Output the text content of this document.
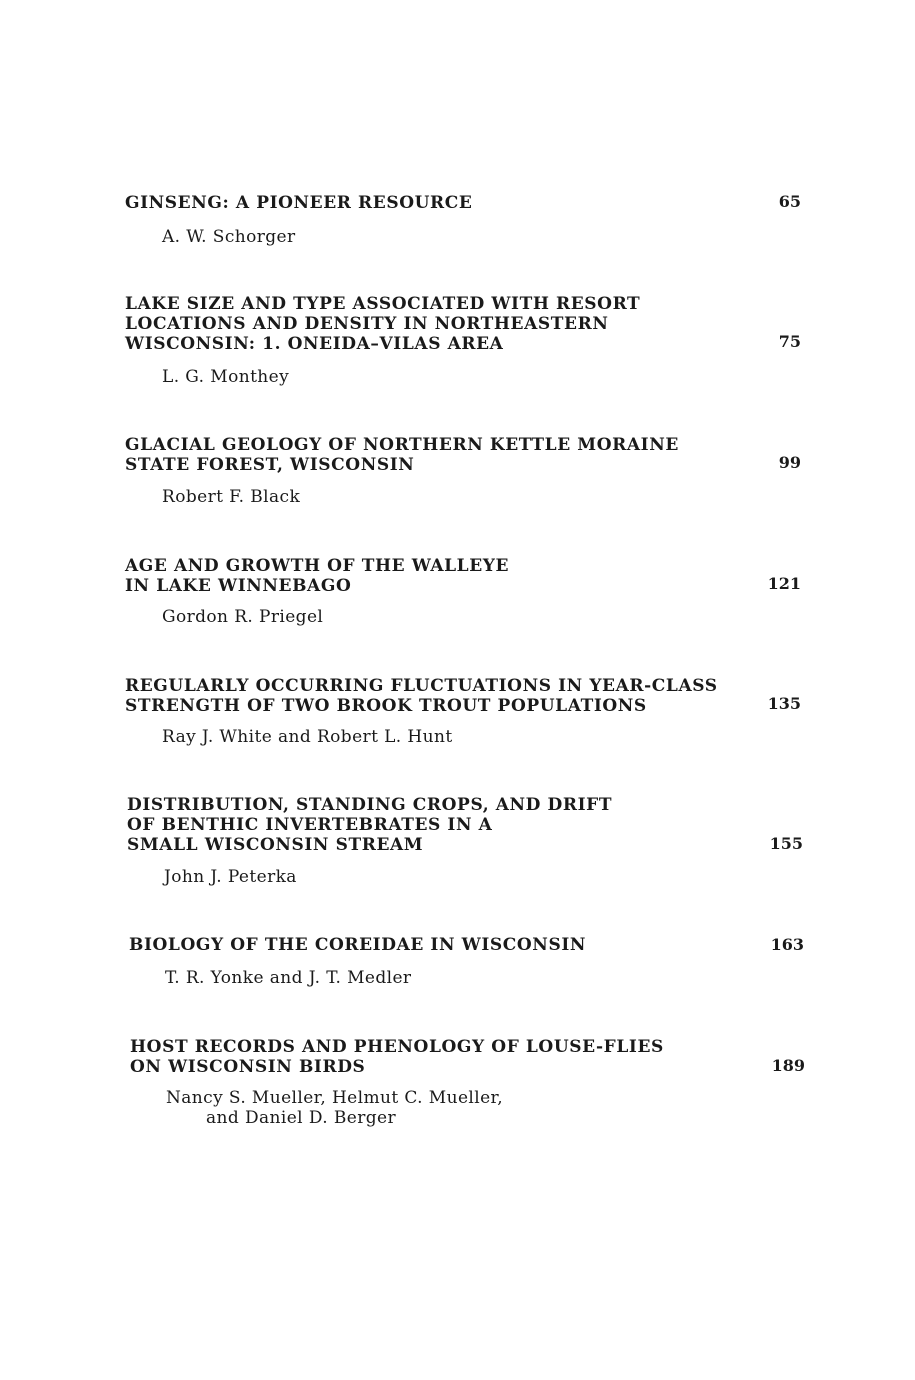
GINSENG: A PIONEER RESOURCE	65
A. W. Schorger
LAKE SIZE AND TYPE ASSOCIATED WITH RESORT
LOCATIONS AND DENSITY IN NORTHEASTERN
WISCONSIN: 1. ONEIDA–VILAS AREA	75
L. G. Monthey
GLACIAL GEOLOGY OF NORTHERN KETTLE MORAINE
STATE FOREST, WISCONSIN	99
Robert F. Black
AGE AND GROWTH OF THE WALLEYE
IN LAKE WINNEBAGO	121
Gordon R. Priegel
REGULARLY OCCURRING FLUCTUATIONS IN YEAR-CLASS
STRENGTH OF TWO BROOK TROUT POPULATIONS	135
Ray J. White and Robert L. Hunt
DISTRIBUTION, STANDING CROPS, AND DRIFT
OF BENTHIC INVERTEBRATES IN A
SMALL WISCONSIN STREAM	155
John J. Peterka
BIOLOGY OF THE COREIDAE IN WISCONSIN	163
T. R. Yonke and J. T. Medler
HOST RECORDS AND PHENOLOGY OF LOUSE-FLIES
ON WISCONSIN BIRDS	189
Nancy S. Mueller, Helmut C. Mueller,
and Daniel D. Berger
